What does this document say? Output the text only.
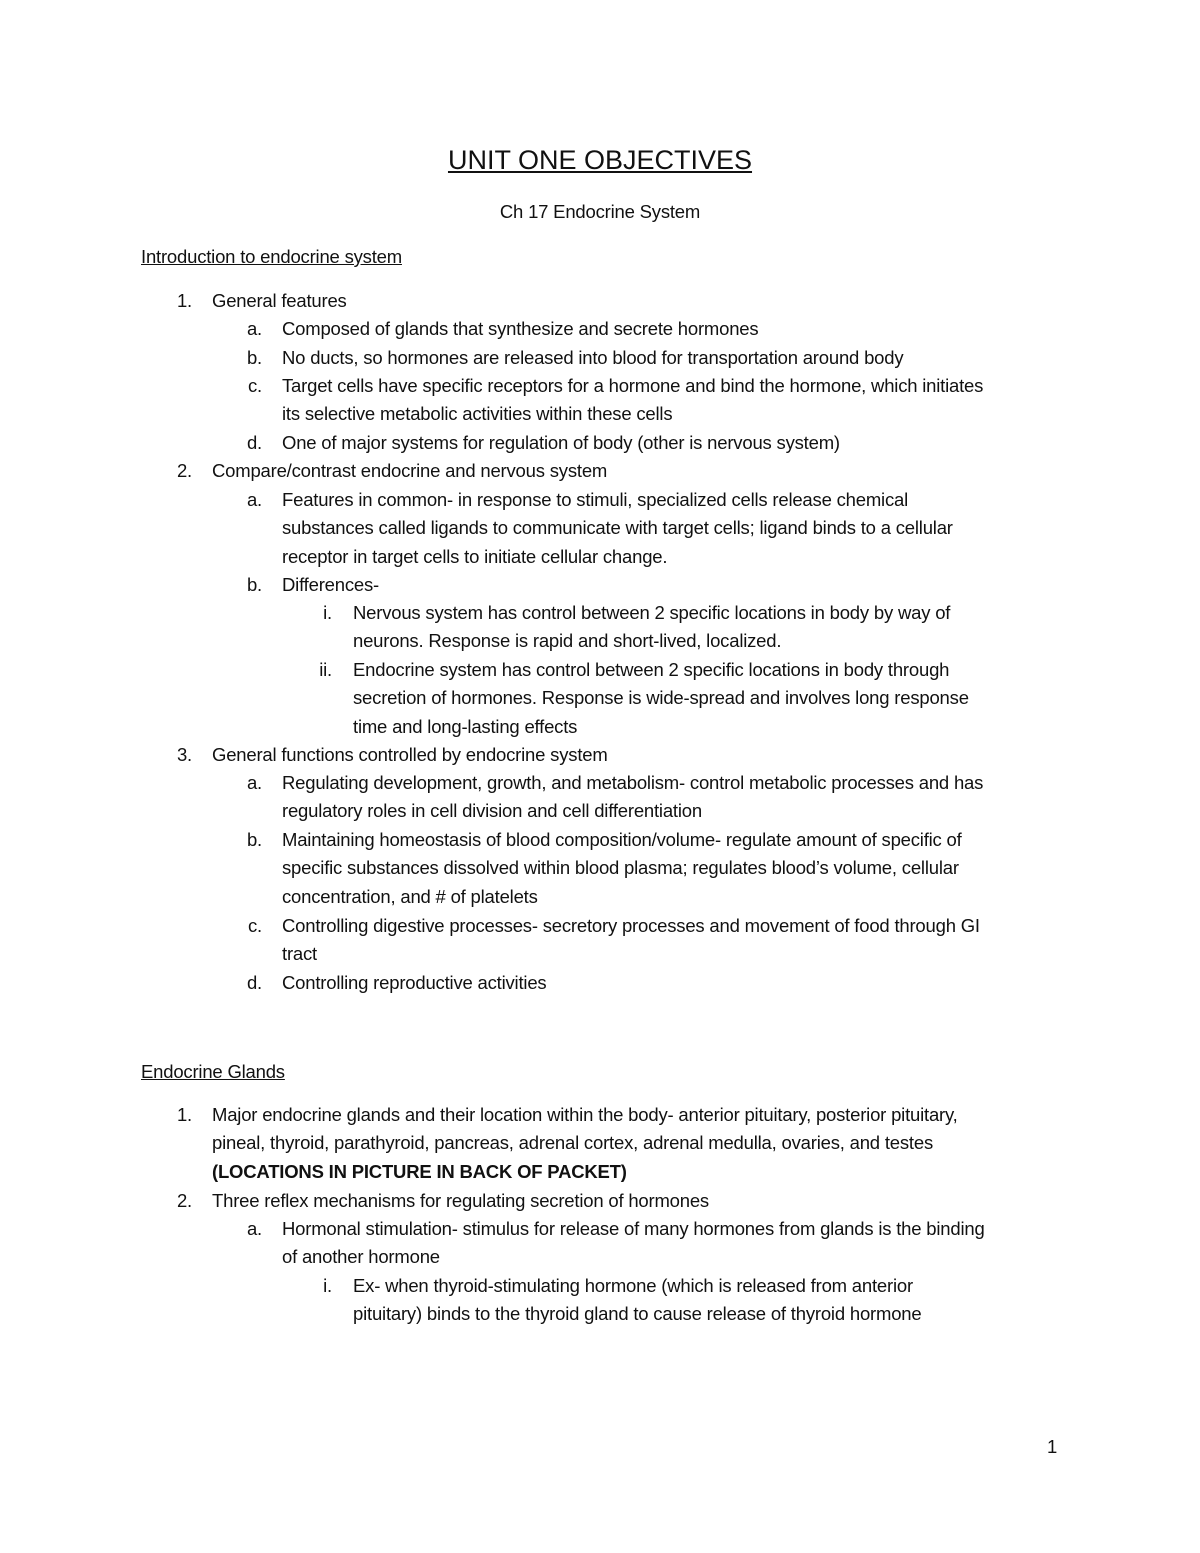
UNIT ONE OBJECTIVES
Ch 17 Endocrine System
Introduction to endocrine system
1. General features
a. Composed of glands that synthesize and secrete hormones
b. No ducts, so hormones are released into blood for transportation around body
c. Target cells have specific receptors for a hormone and bind the hormone, which initiates
its selective metabolic activities within these cells
d. One of major systems for regulation of body (other is nervous system)
2. Compare/contrast endocrine and nervous system
a. Features in common- in response to stimuli, specialized cells release chemical
substances called ligands to communicate with target cells; ligand binds to a cellular
receptor in target cells to initiate cellular change.
b. Differences-
i. Nervous system has control between 2 specific locations in body by way of
neurons. Response is rapid and short-lived, localized.
ii. Endocrine system has control between 2 specific locations in body through
secretion of hormones. Response is wide-spread and involves long response
time and long-lasting effects
3. General functions controlled by endocrine system
a. Regulating development, growth, and metabolism- control metabolic processes and has
regulatory roles in cell division and cell differentiation
b. Maintaining homeostasis of blood composition/volume- regulate amount of specific of
specific substances dissolved within blood plasma; regulates blood’s volume, cellular
concentration, and # of platelets
c. Controlling digestive processes- secretory processes and movement of food through GI
tract
d. Controlling reproductive activities
Endocrine Glands
1. Major endocrine glands and their location within the body- anterior pituitary, posterior pituitary,
pineal, thyroid, parathyroid, pancreas, adrenal cortex, adrenal medulla, ovaries, and testes
(LOCATIONS IN PICTURE IN BACK OF PACKET)
2. Three reflex mechanisms for regulating secretion of hormones
a. Hormonal stimulation- stimulus for release of many hormones from glands is the binding
of another hormone
i. Ex- when thyroid-stimulating hormone (which is released from anterior
pituitary) binds to the thyroid gland to cause release of thyroid hormone
1
